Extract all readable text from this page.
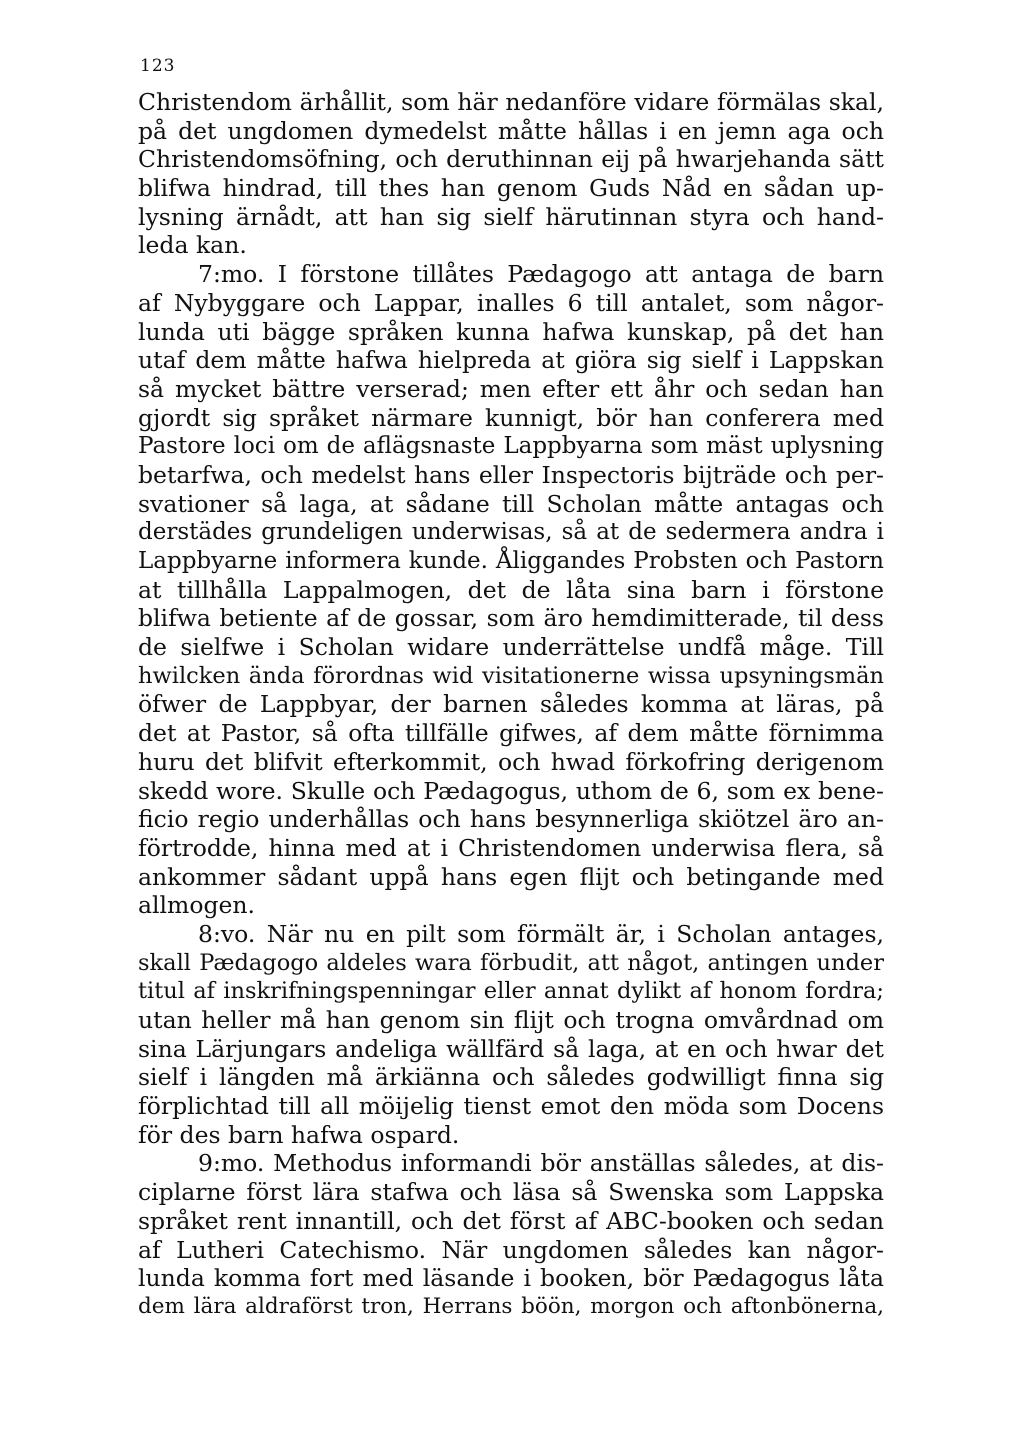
123
Christendom ärhållit, som här nedanföre vidare förmälas skal,
på det ungdomen dymedelst måtte hållas i en jemn aga och
Christendomsöfning, och deruthinnan eij på hwarjehanda sätt
blifwa hindrad, till thes han genom Guds Nåd en sådan up-
lysning ärnådt, att han sig sielf härutinnan styra och hand-
leda kan.
7:mo. I förstone tillåtes Pædagogo att antaga de barn
af Nybyggare och Lappar, inalles 6 till antalet, som någor-
lunda uti bägge språken kunna hafwa kunskap, på det han
utaf dem måtte hafwa hielpreda at giöra sig sielf i Lappskan
så mycket bättre verserad; men efter ett åhr och sedan han
gjordt sig språket närmare kunnigt, bör han conferera med
Pastore loci om de aflägsnaste Lappbyarna som mäst uplysning
betarfwa, och medelst hans eller Inspectoris bijträde och per-
svationer så laga, at sådane till Scholan måtte antagas och
derstädes grundeligen underwisas, så at de sedermera andra i
Lappbyarne informera kunde. Åliggandes Probsten och Pastorn
at tillhålla Lappalmogen, det de låta sina barn i förstone
blifwa betiente af de gossar, som äro hemdimitterade, til dess
de sielfwe i Scholan widare underrättelse undfå måge. Till
hwilcken ända förordnas wid visitationerne wissa upsyningsmän
öfwer de Lappbyar, der barnen således komma at läras, på
det at Pastor, så ofta tillfälle gifwes, af dem måtte förnimma
huru det blifvit efterkommit, och hwad förkofring derigenom
skedd wore. Skulle och Pædagogus, uthom de 6, som ex bene-
ficio regio underhållas och hans besynnerliga skiötzel äro an-
förtrodde, hinna med at i Christendomen underwisa flera, så
ankommer sådant uppå hans egen flijt och betingande med
allmogen.
8:vo. När nu en pilt som förmält är, i Scholan antages,
skall Pædagogo aldeles wara förbudit, att något, antingen under
titul af inskrifningspenningar eller annat dylikt af honom fordra;
utan heller må han genom sin flijt och trogna omvårdnad om
sina Lärjungars andeliga wällfärd så laga, at en och hwar det
sielf i längden må ärkiänna och således godwilligt finna sig
förplichtad till all möijelig tienst emot den möda som Docens
för des barn hafwa ospard.
9:mo. Methodus informandi bör anställas således, at dis-
ciplarne först lära stafwa och läsa så Swenska som Lappska
språket rent innantill, och det först af ABC-booken och sedan
af Lutheri Catechismo. När ungdomen således kan någor-
lunda komma fort med läsande i booken, bör Pædagogus låta
dem lära aldraförst tron, Herrans böön, morgon och aftonbönerna,
